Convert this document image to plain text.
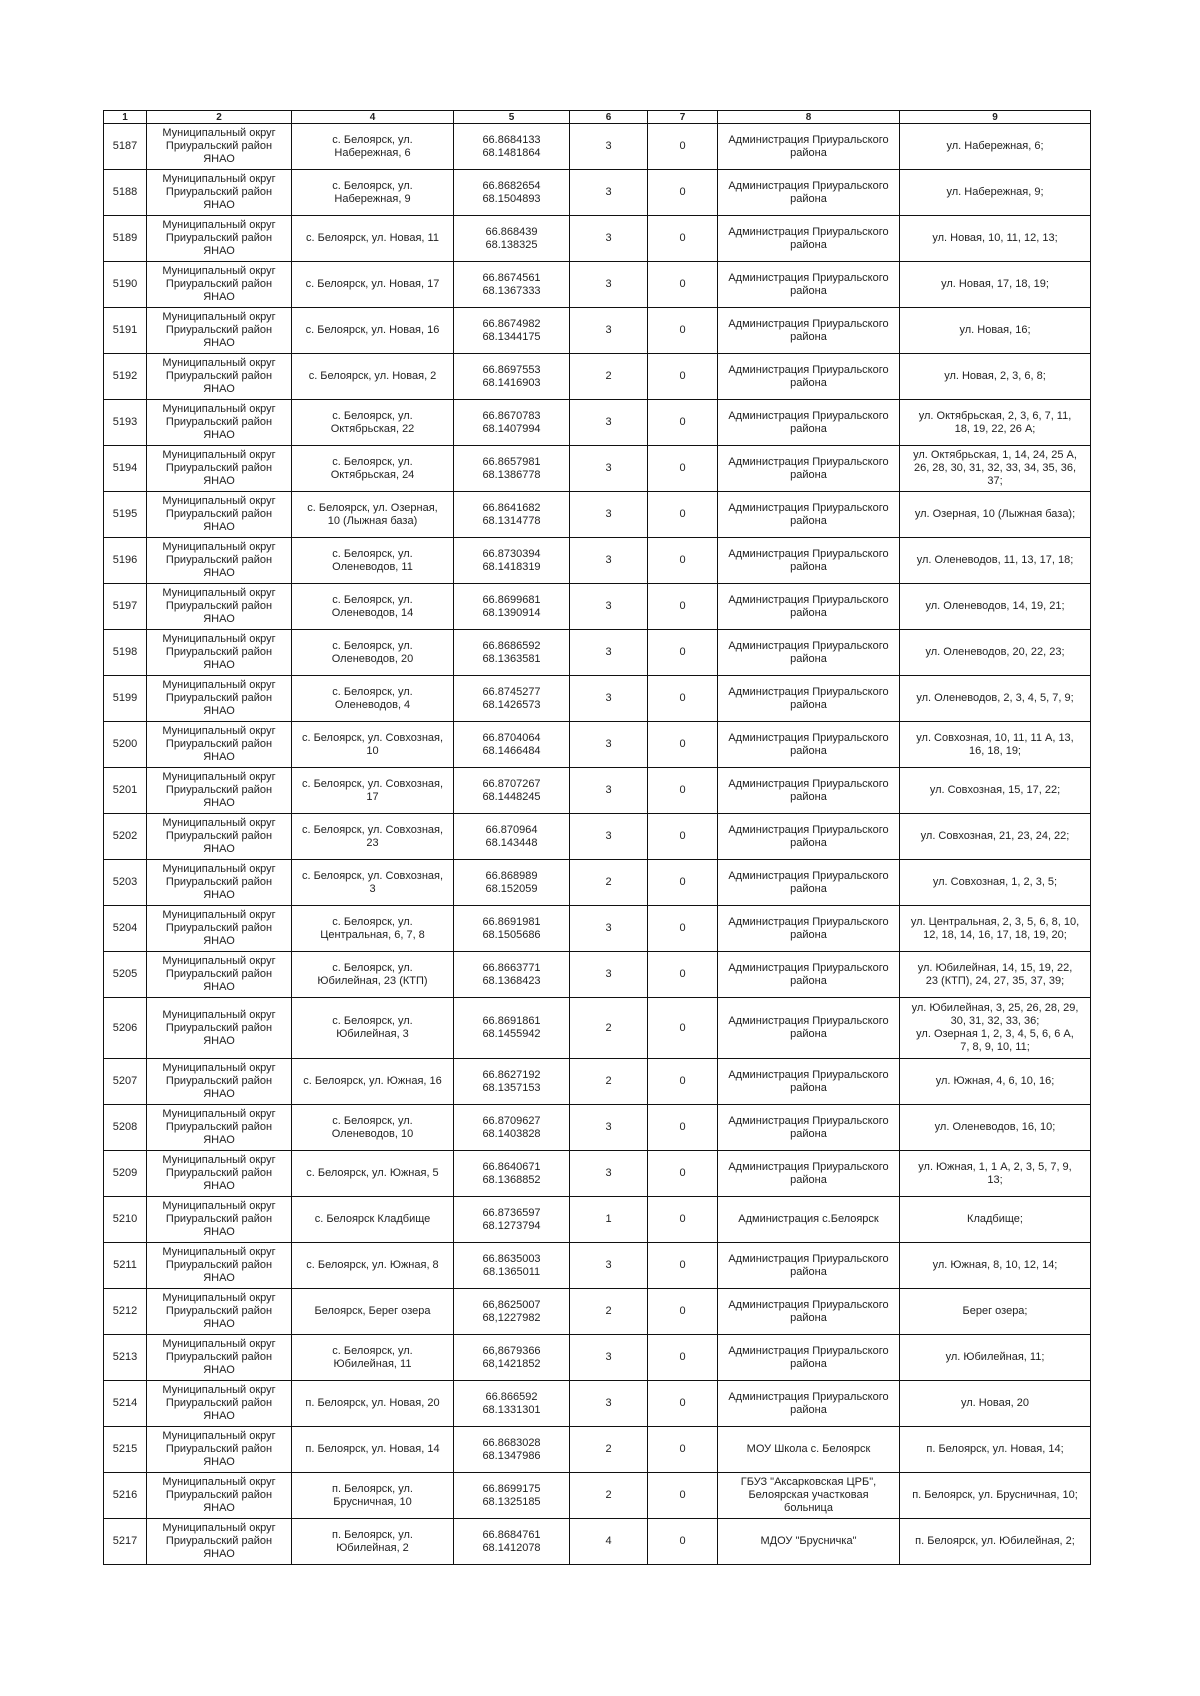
1	2	4	5	6	7	8	9

5187	Муниципальный округ
Приуральский район
ЯНАО	с. Белоярск, ул.
Набережная, 6	66.8684133
68.1481864	3	0	Администрация Приуральского
района	ул. Набережная, 6;

5188	Муниципальный округ
Приуральский район
ЯНАО	с. Белоярск, ул.
Набережная, 9	66.8682654
68.1504893	3	0	Администрация Приуральского
района	ул. Набережная, 9;

5189	Муниципальный округ
Приуральский район
ЯНАО	с. Белоярск, ул. Новая, 11	66.868439
68.138325	3	0	Администрация Приуральского
района	ул. Новая, 10, 11, 12, 13;

5190	Муниципальный округ
Приуральский район
ЯНАО	с. Белоярск, ул. Новая, 17	66.8674561
68.1367333	3	0	Администрация Приуральского
района	ул. Новая, 17, 18, 19;

5191	Муниципальный округ
Приуральский район
ЯНАО	с. Белоярск, ул. Новая, 16	66.8674982
68.1344175	3	0	Администрация Приуральского
района	ул. Новая, 16;

5192	Муниципальный округ
Приуральский район
ЯНАО	с. Белоярск, ул. Новая, 2	66.8697553
68.1416903	2	0	Администрация Приуральского
района	ул. Новая, 2, 3, 6, 8;

5193	Муниципальный округ
Приуральский район
ЯНАО	с. Белоярск, ул.
Октябрьская, 22	66.8670783
68.1407994	3	0	Администрация Приуральского
района	ул. Октябрьская, 2, 3, 6, 7, 11,
18, 19, 22, 26 А;

5194	Муниципальный округ
Приуральский район
ЯНАО	с. Белоярск, ул.
Октябрьская, 24	66.8657981
68.1386778	3	0	Администрация Приуральского
района	ул. Октябрьская, 1, 14, 24, 25 А,
26, 28, 30, 31, 32, 33, 34, 35, 36,
37;

5195	Муниципальный округ
Приуральский район
ЯНАО	с. Белоярск, ул. Озерная,
10 (Лыжная база)	66.8641682
68.1314778	3	0	Администрация Приуральского
района	ул. Озерная, 10 (Лыжная база);

5196	Муниципальный округ
Приуральский район
ЯНАО	с. Белоярск, ул.
Оленеводов, 11	66.8730394
68.1418319	3	0	Администрация Приуральского
района	ул. Оленеводов, 11, 13, 17, 18;

5197	Муниципальный округ
Приуральский район
ЯНАО	с. Белоярск, ул.
Оленеводов, 14	66.8699681
68.1390914	3	0	Администрация Приуральского
района	ул. Оленеводов, 14, 19, 21;

5198	Муниципальный округ
Приуральский район
ЯНАО	с. Белоярск, ул.
Оленеводов, 20	66.8686592
68.1363581	3	0	Администрация Приуральского
района	ул. Оленеводов, 20, 22, 23;

5199	Муниципальный округ
Приуральский район
ЯНАО	с. Белоярск, ул.
Оленеводов, 4	66.8745277
68.1426573	3	0	Администрация Приуральского
района	ул. Оленеводов, 2, 3, 4, 5, 7, 9;

5200	Муниципальный округ
Приуральский район
ЯНАО	с. Белоярск, ул. Совхозная,
10	66.8704064
68.1466484	3	0	Администрация Приуральского
района	ул. Совхозная, 10, 11, 11 А, 13,
16, 18, 19;

5201	Муниципальный округ
Приуральский район
ЯНАО	с. Белоярск, ул. Совхозная,
17	66.8707267
68.1448245	3	0	Администрация Приуральского
района	ул. Совхозная, 15, 17, 22;

5202	Муниципальный округ
Приуральский район
ЯНАО	с. Белоярск, ул. Совхозная,
23	66.870964
68.143448	3	0	Администрация Приуральского
района	ул. Совхозная, 21, 23, 24, 22;

5203	Муниципальный округ
Приуральский район
ЯНАО	с. Белоярск, ул. Совхозная,
3	66.868989
68.152059	2	0	Администрация Приуральского
района	ул. Совхозная, 1, 2, 3, 5;

5204	Муниципальный округ
Приуральский район
ЯНАО	с. Белоярск, ул.
Центральная, 6, 7, 8	66.8691981
68.1505686	3	0	Администрация Приуральского
района	ул. Центральная, 2, 3, 5, 6, 8, 10,
12, 18, 14, 16, 17, 18, 19, 20;

5205	Муниципальный округ
Приуральский район
ЯНАО	с. Белоярск, ул.
Юбилейная, 23 (КТП)	66.8663771
68.1368423	3	0	Администрация Приуральского
района	ул. Юбилейная, 14, 15, 19, 22,
23 (КТП), 24, 27, 35, 37, 39;

5206	Муниципальный округ
Приуральский район
ЯНАО	с. Белоярск, ул.
Юбилейная, 3	66.8691861
68.1455942	2	0	Администрация Приуральского
района	ул. Юбилейная, 3, 25, 26, 28, 29,
30, 31, 32, 33, 36;
ул. Озерная 1, 2, 3, 4, 5, 6, 6 А,
7, 8, 9, 10, 11;

5207	Муниципальный округ
Приуральский район
ЯНАО	с. Белоярск, ул. Южная, 16	66.8627192
68.1357153	2	0	Администрация Приуральского
района	ул. Южная, 4, 6, 10, 16;

5208	Муниципальный округ
Приуральский район
ЯНАО	с. Белоярск, ул.
Оленеводов, 10	66.8709627
68.1403828	3	0	Администрация Приуральского
района	ул. Оленеводов, 16, 10;

5209	Муниципальный округ
Приуральский район
ЯНАО	с. Белоярск, ул. Южная, 5	66.8640671
68.1368852	3	0	Администрация Приуральского
района	ул. Южная, 1, 1 А, 2, 3, 5, 7, 9,
13;

5210	Муниципальный округ
Приуральский район
ЯНАО	с. Белоярск Кладбище	66.8736597
68.1273794	1	0	Администрация с.Белоярск	Кладбище;

5211	Муниципальный округ
Приуральский район
ЯНАО	с. Белоярск, ул. Южная, 8	66.8635003
68.1365011	3	0	Администрация Приуральского
района	ул. Южная, 8, 10, 12, 14;

5212	Муниципальный округ
Приуральский район
ЯНАО	Белоярск, Берег озера	66,8625007
68,1227982	2	0	Администрация Приуральского
района	Берег озера;

5213	Муниципальный округ
Приуральский район
ЯНАО	с. Белоярск, ул.
Юбилейная, 11	66,8679366
68,1421852	3	0	Администрация Приуральского
района	ул. Юбилейная, 11;

5214	Муниципальный округ
Приуральский район
ЯНАО	п. Белоярск, ул. Новая, 20	66.866592
68.1331301	3	0	Администрация Приуральского
района	ул. Новая, 20

5215	Муниципальный округ
Приуральский район
ЯНАО	п. Белоярск, ул. Новая, 14	66.8683028
68.1347986	2	0	МОУ Школа с. Белоярск	п. Белоярск, ул. Новая, 14;

5216	Муниципальный округ
Приуральский район
ЯНАО	п. Белоярск, ул.
Брусничная, 10	66.8699175
68.1325185	2	0	ГБУЗ "Аксарковская ЦРБ",
Белоярская участковая
больница	п. Белоярск, ул. Брусничная, 10;

5217	Муниципальный округ
Приуральский район
ЯНАО	п. Белоярск, ул.
Юбилейная, 2	66.8684761
68.1412078	4	0	МДОУ "Брусничка"	п. Белоярск, ул. Юбилейная, 2;
